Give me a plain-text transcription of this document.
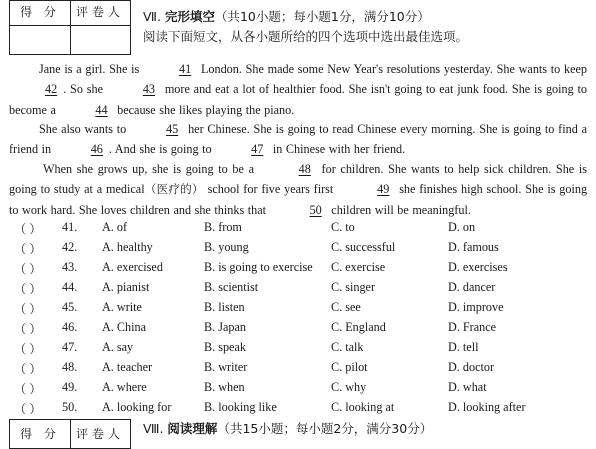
得 分	评卷人	Ⅶ. 完形填空（共10小题；每小题1分，满分10分）
阅读下面短文，从各小题所给的四个选项中选出最佳选项。
Jane is a girl. She is	41 London. She made some New Year's resolutions yesterday. She wants to keep 42 . So she	43 more and eat a lot of healthier food. She isn't going to eat junk food. She is going to become a	44 because she likes playing the piano.
She also wants to	45 her Chinese. She is going to read Chinese every morning. She is going to find a friend in	46 . And she is going to	47 in Chinese with her friend.
When she grows up, she is going to be a	48 for children. She wants to help sick children. She is going to study at a medical（医疗的） school for five years first	49 she finishes high school. She is going to work hard. She loves children and she thinks that	50 children will be meaningful.
（ ） 41. A. of	B. from	C. to	D. on
（ ） 42. A. healthy	B. young	C. successful	D. famous
（ ） 43. A. exercised	B. is going to exercise C. exercise	D. exercises
（ ） 44. A. pianist	B. scientist	C. singer	D. dancer
（ ） 45. A. write	B. listen	C. see	D. improve
（ ） 46. A. China	B. Japan	C. England	D. France
（ ） 47. A. say	B. speak	C. talk	D. tell
（ ） 48. A. teacher	B. writer	C. pilot	D. doctor
（ ） 49. A. where	B. when	C. why	D. what
（ ） 50. A. looking for	B. looking like	C. looking at	D. looking after
得 分	评卷人	Ⅷ. 阅读理解（共15小题；每小题2分，满分30分）
